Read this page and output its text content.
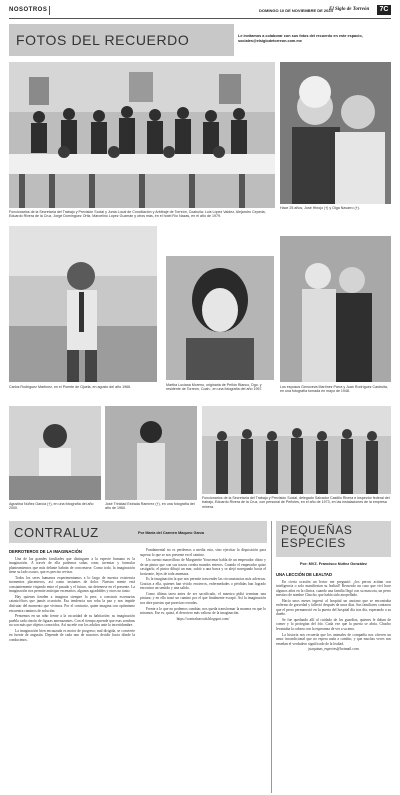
NOSOTROS	DOMINGO 10 DE NOVIEMBRE DE 2024
El Siglo de Torreón	7C
FOTOS DEL RECUERDO	Le invitamos a colaborar con sus fotos del recuerdo en este espacio,
sociales@elsiglodetorreon.com.mx
Funcionarios de la Secretaría del Trabajo y Previsión Social y Junta Local de Conciliación y Arbitraje de Torreón, Coahuila: Luis López Valdez, Alejandro Cepeda, Eduardo Rivera de la Cruz, Jorge Domínguez Ortiz, Marcelino López Guzmán y otros más, en el hotel Río Nazas, en el año de 1979.
Hace 25 años, José Hinojo (†) y Olga Navarro (†).
Carlos Rodríguez Martínez, en el Puente de Ojuela, en agosto del año 1966.	Martha Luciana Moreno, originaria de Peñón Blanco, Dgo. y residente de Torreón, Coah., en una fotografía del año 1957.
Los esposos Genoveva Martínez Parra y Juan Rodríguez Castruita, en una fotografía tomada en mayo de 1948.
Agustina Núñez García (†), en una fotografía del año 2000.
José Trinidad Estrada Ramírez (†), en una fotografía del año de 1960.
Funcionarios de la Secretaría del Trabajo y Previsión Social, delegado Salvador Castillo Rivera e inspector federal del trabajo, Eduardo Rivera de la Cruz, con personal de Peñoles, en el año de 1973, en las instalaciones de la empresa minera.
CONTRALUZ	Por María del Carmen Maqueo Garza
DERROTEROS DE LA IMAGINACIÓN

Una de las grandes facultades que distinguen a la especie humana es la imaginación. A través de ella podemos soñar, crear, inventar y formular planteamientos que más delante habrán de concretarse. Como todo, la imaginación tiene su lado oscuro, que es preciso revisar.

Todos los seres humanos experimentamos a lo largo de nuestra existencia momentos placenteros, así como instantes de dolor. Nuestra mente está constantemente viajando entre el pasado y el futuro, sin detenerse en el presente. La imaginación nos permite anticipar escenarios, algunos agradables y otros no tanto.

Hay quienes tienden a imaginar siempre lo peor, a construir escenarios catastróficos que jamás ocurrirán. Esa tendencia nos roba la paz y nos impide disfrutar del momento que vivimos. Por el contrario, quien imagina con optimismo encuentra caminos de solución.

Pensemos en un niño frente a la oscuridad de su habitación: su imaginación puebla cada rincón de figuras amenazantes. Con el tiempo aprende que esas sombras no son más que objetos conocidos. Así sucede con los adultos ante la incertidumbre.

La imaginación bien encauzada es motor de progreso; mal dirigida, se convierte en fuente de angustia. Depende de cada uno de nosotros decidir hacia dónde la conducimos.

Fundamental no es perdernos a media ruta, sino ejercitar la disposición para superar lo que se nos presente en el camino.

Un cuento maravilloso de Marguerite Yourcenar habla de un emperador chino y de un pintor que con sus trazos creaba mundos enteros. Cuando el emperador quiso castigarlo, el pintor dibujó un mar, subió a una barca y se alejó navegando hacia el horizonte, lejos de toda amenaza.

Es la imaginación la que nos permite trascender las circunstancias más adversas. Gracias a ella, quienes han vivido encierros, enfermedades o pérdidas han logrado encontrar un sentido y una salida.

Como última tarea antes de ser sacrificado, el maestro pidió terminar una pintura; y en ella trazó un camino por el que finalmente escapó. Así la imaginación nos abre puertas que parecían cerradas.

Frente a lo que no podemos cambiar, nos queda transformar la manera en que lo miramos. Ese es, quizá, el derrotero más valioso de la imaginación.

https://contraluzcoah.blogspot.com/

PEQUEÑAS
ESPECIES
Por: MVZ. Francisco Núñez González
UNA LECCIÓN DE LEALTAD

En cierta ocasión un lector me preguntó: ¿los perros actúan con inteligencia o solo manifiestan su lealtad? Recuerdo un caso que viví hace algunos años en la clínica, cuando una familia llegó con su mascota, un perro mestizo de nombre Chucho, que había sido atropellado.

Hacía unos meses ingresó al hospital un anciano que se encontraba enfermo de gravedad y falleció después de unos días. Sus familiares contaron que el perro permaneció en la puerta del hospital día tras día, esperando a su dueño.

Se fue quedando allí al cuidado de los guardias, quienes le daban de comer y lo protegían del frío. Cada vez que la puerta se abría, Chucho levantaba la cabeza con la esperanza de ver a su amo.

La historia nos recuerda que los animales de compañía nos ofrecen un amor incondicional que no espera nada a cambio, y que muchas veces nos enseñan el verdadero significado de la lealtad.

juaquinas_especies@hotmail.com
